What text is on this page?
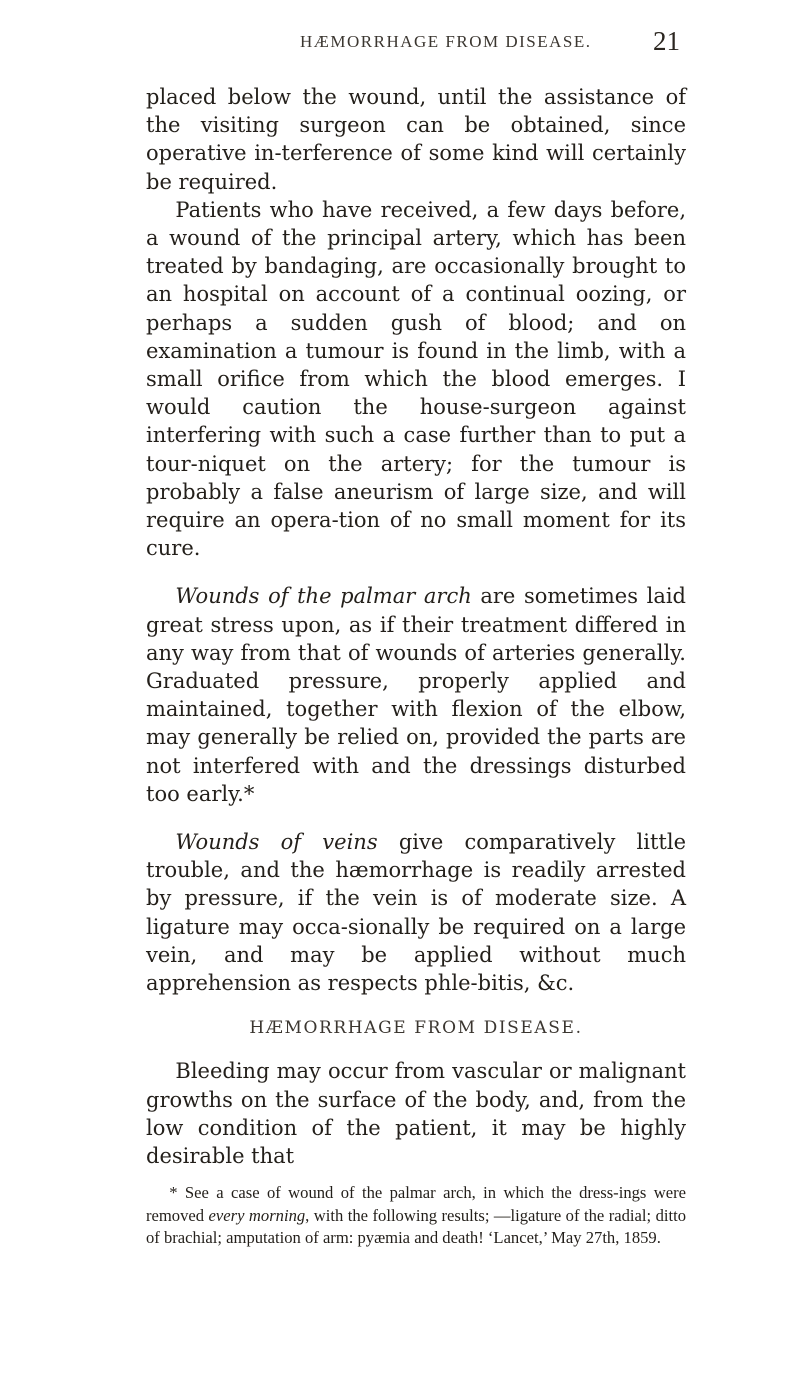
HÆMORRHAGE FROM DISEASE. 21

placed below the wound, until the assistance of the visiting surgeon can be obtained, since operative in-terference of some kind will certainly be required.

Patients who have received, a few days before, a wound of the principal artery, which has been treated by bandaging, are occasionally brought to an hospital on account of a continual oozing, or perhaps a sudden gush of blood; and on examination a tumour is found in the limb, with a small orifice from which the blood emerges. I would caution the house-surgeon against interfering with such a case further than to put a tour-niquet on the artery; for the tumour is probably a false aneurism of large size, and will require an opera-tion of no small moment for its cure.

Wounds of the palmar arch are sometimes laid great stress upon, as if their treatment differed in any way from that of wounds of arteries generally. Graduated pressure, properly applied and maintained, together with flexion of the elbow, may generally be relied on, provided the parts are not interfered with and the dressings disturbed too early.*

Wounds of veins give comparatively little trouble, and the hæmorrhage is readily arrested by pressure, if the vein is of moderate size. A ligature may occa-sionally be required on a large vein, and may be applied without much apprehension as respects phle-bitis, &c.

HÆMORRHAGE FROM DISEASE.

Bleeding may occur from vascular or malignant growths on the surface of the body, and, from the low condition of the patient, it may be highly desirable that

* See a case of wound of the palmar arch, in which the dress-ings were removed every morning, with the following results; —ligature of the radial; ditto of brachial; amputation of arm: pyæmia and death! ‘Lancet,’ May 27th, 1859.
